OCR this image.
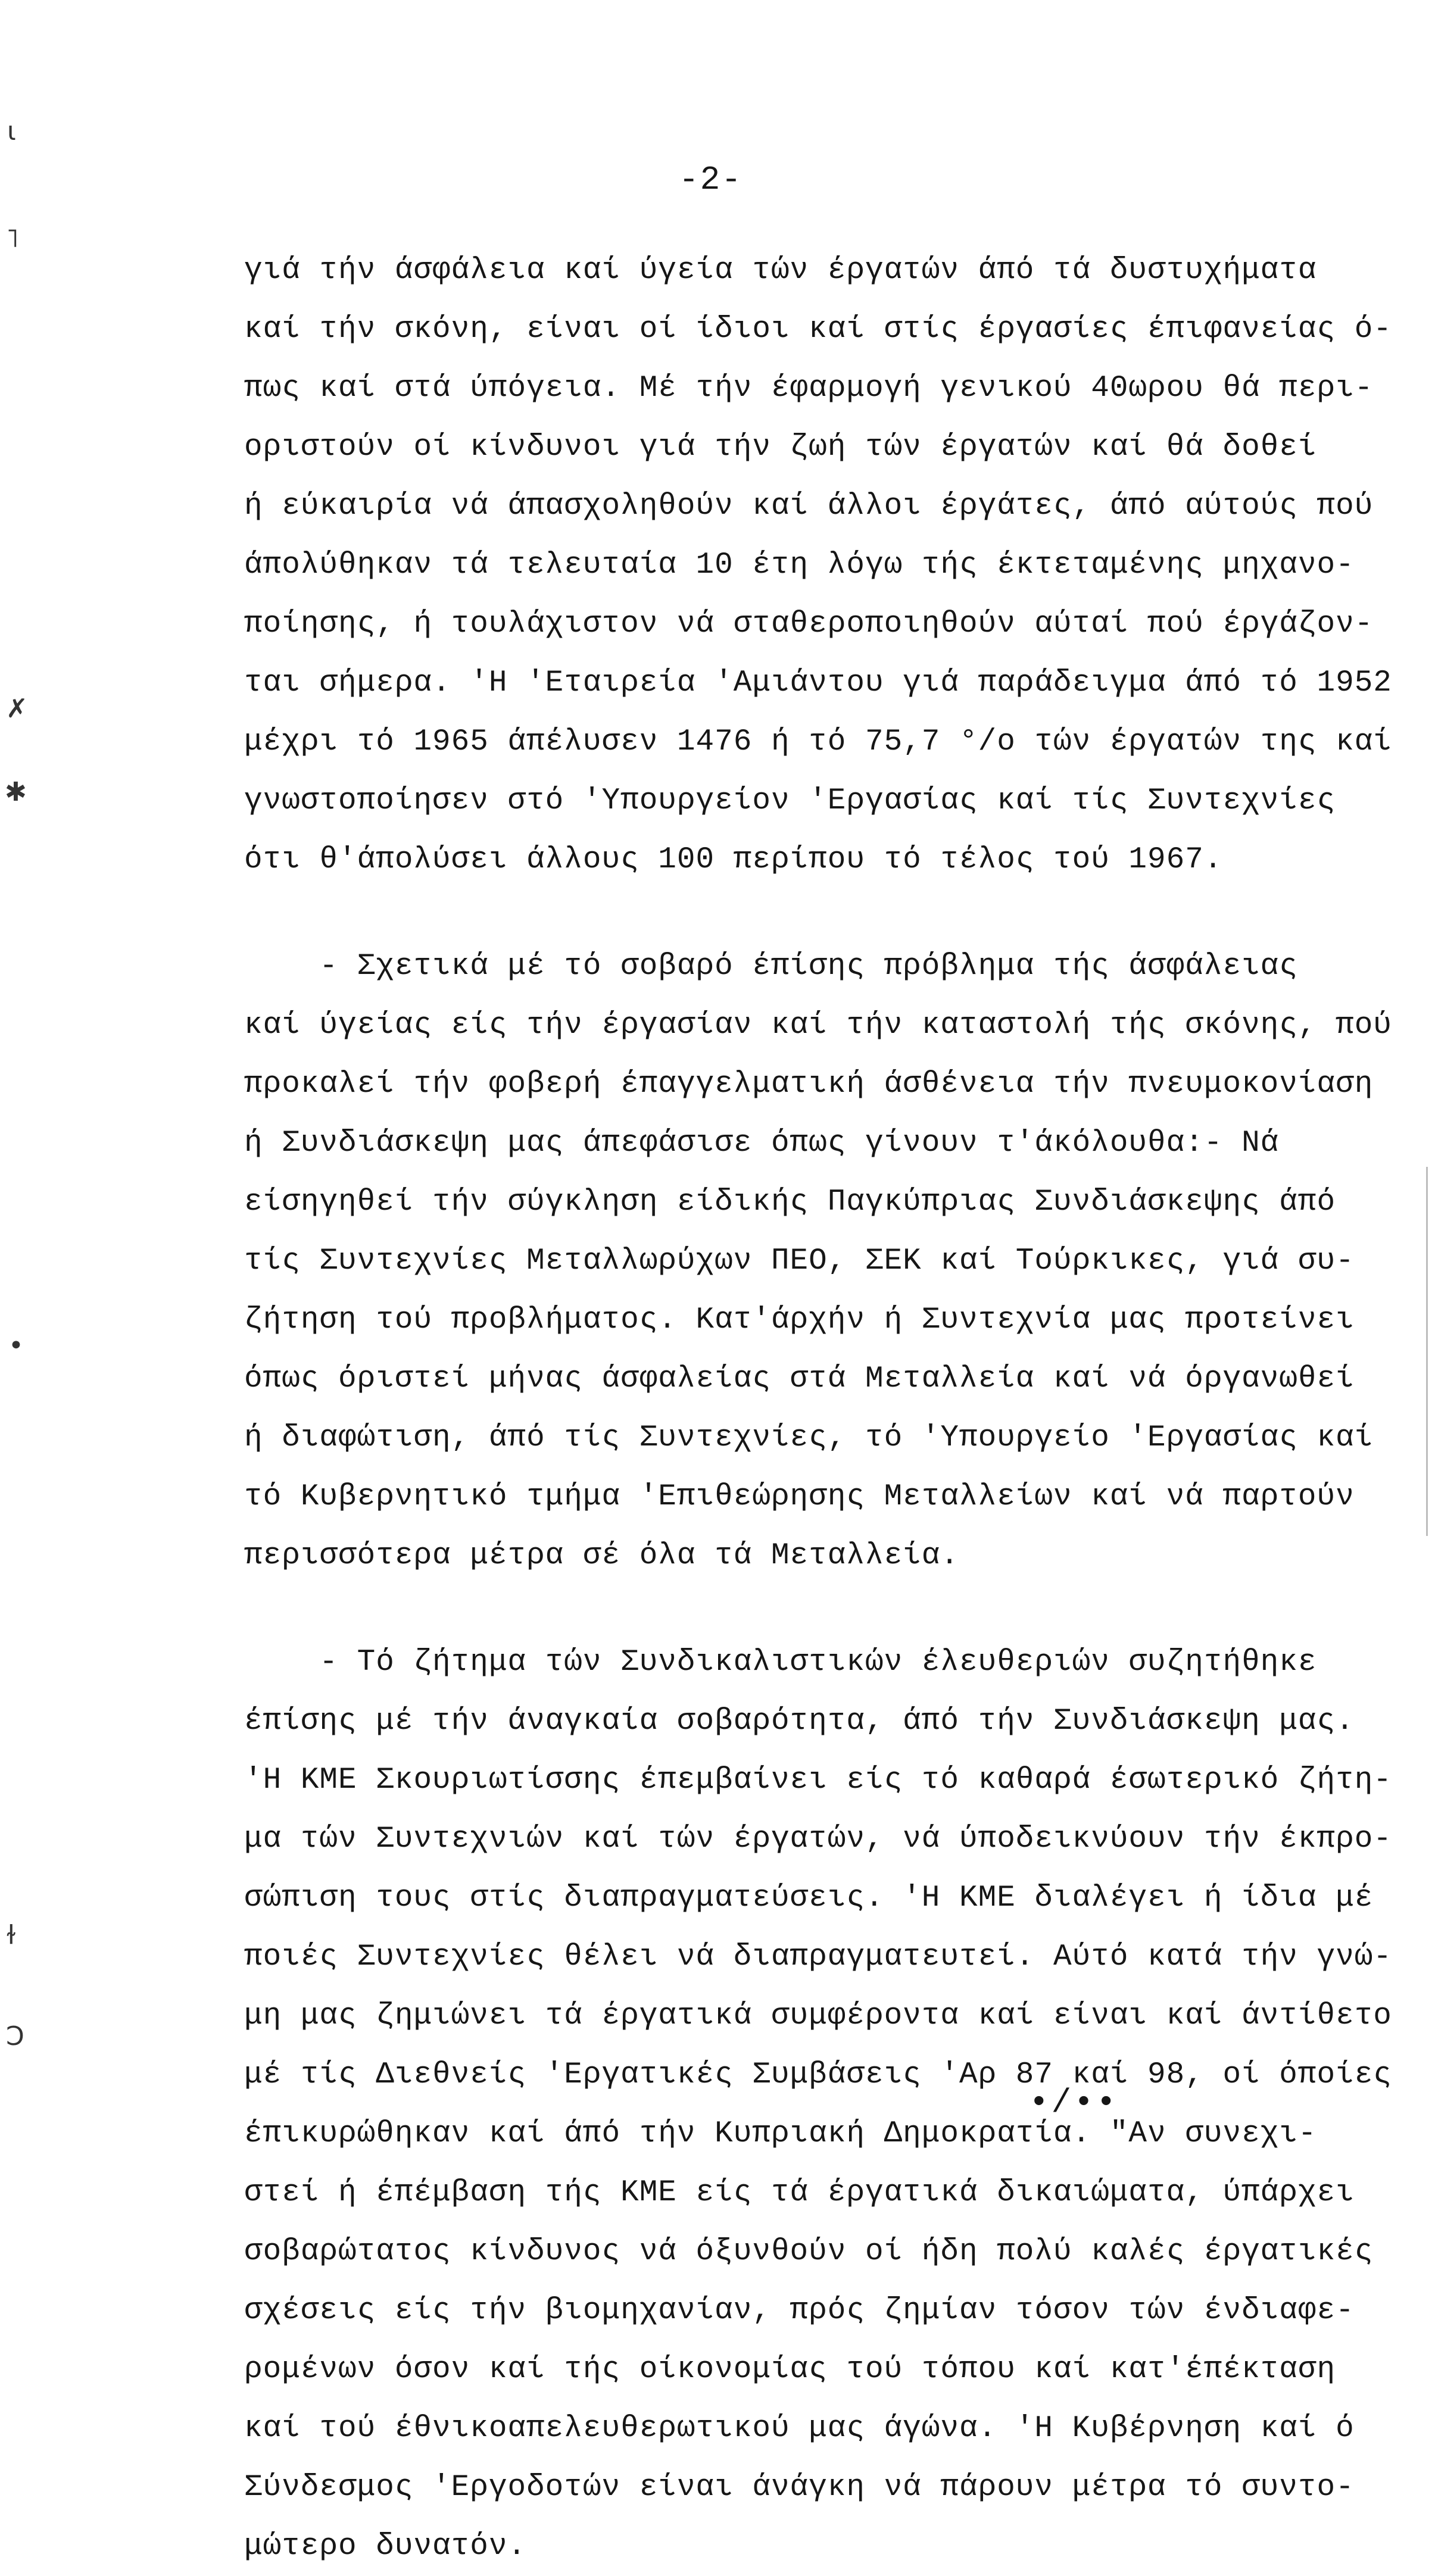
-2-

γιά τήν άσφάλεια καί ύγεία τών έργατών άπό τά δυστυχήματα
καί τήν σκόνη, είναι οί ίδιοι καί στίς έργασίες έπιφανείας ό-
πως καί στά ύπόγεια. Μέ τήν έφαρμογή γενικού 40ωρου θά περι-
οριστούν οί κίνδυνοι γιά τήν ζωή τών έργατών καί θά δοθεί
ή εύκαιρία νά άπασχοληθούν καί άλλοι έργάτες, άπό αύτούς πού
άπολύθηκαν τά τελευταία 10 έτη λόγω τής έκτεταμένης μηχανο-
ποίησης, ή τουλάχιστον νά σταθεροποιηθούν αύταί πού έργάζον-
ται σήμερα. 'Η 'Εταιρεία 'Αμιάντου γιά παράδειγμα άπό τό 1952
μέχρι τό 1965 άπέλυσεν 1476 ή τό 75,7 °/ο τών έργατών της καί
γνωστοποίησεν στό 'Υπουργείον 'Εργασίας καί τίς Συντεχνίες
ότι θ'άπολύσει άλλους 100 περίπου τό τέλος τού 1967.

- Σχετικά μέ τό σοβαρό έπίσης πρόβλημα τής άσφάλειας
καί ύγείας είς τήν έργασίαν καί τήν καταστολή τής σκόνης, πού
προκαλεί τήν φοβερή έπαγγελματική άσθένεια τήν πνευμοκονίαση
ή Συνδιάσκεψη μας άπεφάσισε όπως γίνουν τ'άκόλουθα:- Νά
είσηγηθεί τήν σύγκληση είδικής Παγκύπριας Συνδιάσκεψης άπό
τίς Συντεχνίες Μεταλλωρύχων ΠΕΟ, ΣΕΚ καί Τούρκικες, γιά συ-
ζήτηση τού προβλήματος. Κατ'άρχήν ή Συντεχνία μας προτείνει
όπως όριστεί μήνας άσφαλείας στά Μεταλλεία καί νά όργανωθεί
ή διαφώτιση, άπό τίς Συντεχνίες, τό 'Υπουργείο 'Εργασίας καί
τό Κυβερνητικό τμήμα 'Επιθεώρησης Μεταλλείων καί νά παρτούν
περισσότερα μέτρα σέ όλα τά Μεταλλεία.

- Τό ζήτημα τών Συνδικαλιστικών έλευθεριών συζητήθηκε
έπίσης μέ τήν άναγκαία σοβαρότητα, άπό τήν Συνδιάσκεψη μας.
'Η ΚΜΕ Σκουριωτίσσης έπεμβαίνει είς τό καθαρά έσωτερικό ζήτη-
μα τών Συντεχνιών καί τών έργατών, νά ύποδεικνύουν τήν έκπρο-
σώπιση τους στίς διαπραγματεύσεις. 'Η ΚΜΕ διαλέγει ή ίδια μέ
ποιές Συντεχνίες θέλει νά διαπραγματευτεί. Αύτό κατά τήν γνώ-
μη μας ζημιώνει τά έργατικά συμφέροντα καί είναι καί άντίθετο
μέ τίς Διεθνείς 'Εργατικές Συμβάσεις 'Αρ 87 καί 98, οί όποίες
έπικυρώθηκαν καί άπό τήν Κυπριακή Δημοκρατία. "Αν συνεχι-
στεί ή έπέμβαση τής ΚΜΕ είς τά έργατικά δικαιώματα, ύπάρχει
σοβαρώτατος κίνδυνος νά όξυνθούν οί ήδη πολύ καλές έργατικές
σχέσεις είς τήν βιομηχανίαν, πρός ζημίαν τόσον τών ένδιαφε-
ρομένων όσον καί τής οίκονομίας τού τόπου καί κατ'έπέκταση
καί τού έθνικοαπελευθερωτικού μας άγώνα. 'Η Κυβέρνηση καί ό
Σύνδεσμος 'Εργοδοτών είναι άνάγκη νά πάρουν μέτρα τό συντο-
μώτερο δυνατόν.

•/••
ɩ
˥
✗
✱
•
ɫ
Ͻ
